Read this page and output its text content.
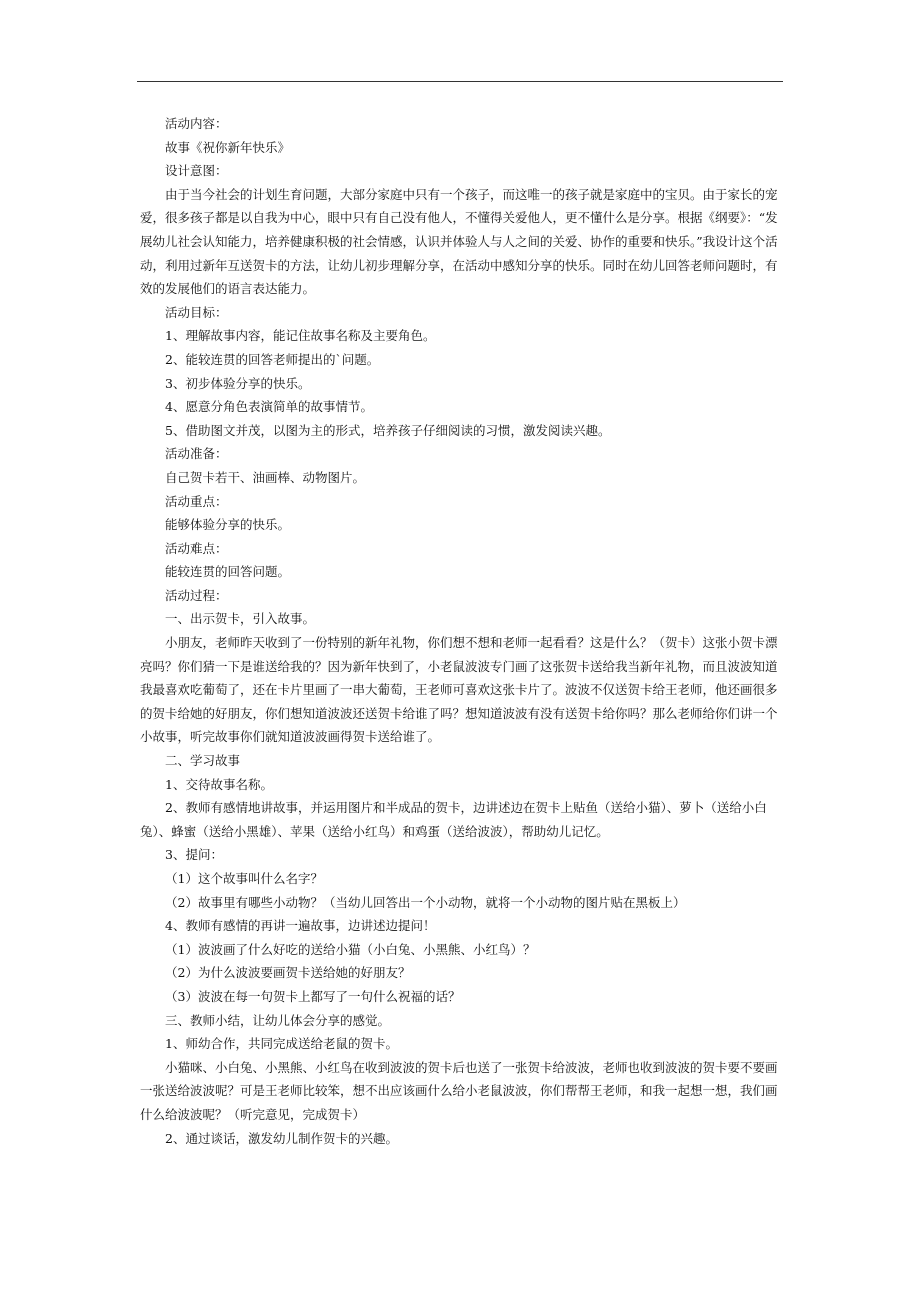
活动内容：

故事《祝你新年快乐》

设计意图：

由于当今社会的计划生育问题，大部分家庭中只有一个孩子，而这唯一的孩子就是家庭中的宝贝。由于家长的宠爱，很多孩子都是以自我为中心，眼中只有自己没有他人，不懂得关爱他人，更不懂什么是分享。根据《纲要》：“发展幼儿社会认知能力，培养健康积极的社会情感，认识并体验人与人之间的关爱、协作的重要和快乐。”我设计这个活动，利用过新年互送贺卡的方法，让幼儿初步理解分享，在活动中感知分享的快乐。同时在幼儿回答老师问题时，有效的发展他们的语言表达能力。

活动目标：

1、理解故事内容，能记住故事名称及主要角色。

2、能较连贯的回答老师提出的`问题。

3、初步体验分享的快乐。

4、愿意分角色表演简单的故事情节。

5、借助图文并茂，以图为主的形式，培养孩子仔细阅读的习惯，激发阅读兴趣。

活动准备：

自己贺卡若干、油画棒、动物图片。

活动重点：

能够体验分享的快乐。

活动难点：

能较连贯的回答问题。

活动过程：

一、出示贺卡，引入故事。

小朋友，老师昨天收到了一份特别的新年礼物，你们想不想和老师一起看看？这是什么？（贺卡）这张小贺卡漂亮吗？你们猜一下是谁送给我的？因为新年快到了，小老鼠波波专门画了这张贺卡送给我当新年礼物，而且波波知道我最喜欢吃葡萄了，还在卡片里画了一串大葡萄，王老师可喜欢这张卡片了。波波不仅送贺卡给王老师，他还画很多的贺卡给她的好朋友，你们想知道波波还送贺卡给谁了吗？想知道波波有没有送贺卡给你吗？那么老师给你们讲一个小故事，听完故事你们就知道波波画得贺卡送给谁了。

二、学习故事

1、交待故事名称。

2、教师有感情地讲故事，并运用图片和半成品的贺卡，边讲述边在贺卡上贴鱼（送给小猫）、萝卜（送给小白兔）、蜂蜜（送给小黑雄）、苹果（送给小红鸟）和鸡蛋（送给波波），帮助幼儿记忆。

3、提问：

（1）这个故事叫什么名字？

（2）故事里有哪些小动物？（当幼儿回答出一个小动物，就将一个小动物的图片贴在黑板上）

4、教师有感情的再讲一遍故事，边讲述边提问！

（1）波波画了什么好吃的送给小猫（小白兔、小黑熊、小红鸟）？

（2）为什么波波要画贺卡送给她的好朋友？

（3）波波在每一句贺卡上都写了一句什么祝福的话？

三、教师小结，让幼儿体会分享的感觉。

1、师幼合作，共同完成送给老鼠的贺卡。

小猫咪、小白兔、小黑熊、小红鸟在收到波波的贺卡后也送了一张贺卡给波波，老师也收到波波的贺卡要不要画一张送给波波呢？可是王老师比较笨，想不出应该画什么给小老鼠波波，你们帮帮王老师，和我一起想一想，我们画什么给波波呢？（听完意见，完成贺卡）

2、通过谈话，激发幼儿制作贺卡的兴趣。
